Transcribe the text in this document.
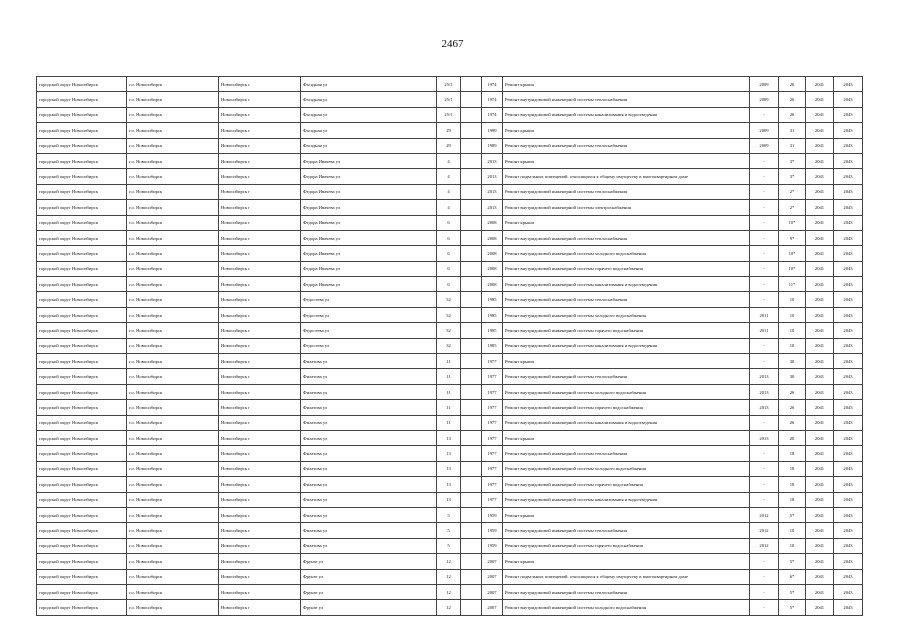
2467
городской округ Новосибирск	г.о. Новосибирск	Новосибирск г	Фасадная ул	25/1		1974	Ремонт крыши	2009	26	2041	2043
городской округ Новосибирск	г.о. Новосибирск	Новосибирск г	Фасадная ул	25/1		1974	Ремонт внутридомовой инженерной системы теплоснабжения	2009	26	2041	2043
городской округ Новосибирск	г.о. Новосибирск	Новосибирск г	Фасадная ул	25/1		1974	Ремонт внутридомовой инженерной системы канализования и водоотведения	-	26	2041	2043
городской округ Новосибирск	г.о. Новосибирск	Новосибирск г	Фасадная ул	29		1989	Ремонт крыши	2009	31	2041	2043
городской округ Новосибирск	г.о. Новосибирск	Новосибирск г	Фасадная ул	29		1989	Ремонт внутридомовой инженерной системы теплоснабжения	2009	31	2041	2043
городской округ Новосибирск	г.о. Новосибирск	Новосибирск г	Федора Ивачева ул	4		2013	Ремонт крыши	-	3*	2041	2043
городской округ Новосибирск	г.о. Новосибирск	Новосибирск г	Федора Ивачева ул	4		2013	Ремонт подвальных помещений, относящихся к общему имуществу в многоквартирном доме	-	3*	2041	2043
городской округ Новосибирск	г.о. Новосибирск	Новосибирск г	Федора Ивачева ул	4		2013	Ремонт внутридомовой инженерной системы теплоснабжения	-	2*	2041	2043
городской округ Новосибирск	г.о. Новосибирск	Новосибирск г	Федора Ивачева ул	4		2013	Ремонт внутридомовой инженерной системы электроснабжения	-	2*	2041	2043
городской округ Новосибирск	г.о. Новосибирск	Новосибирск г	Федора Ивачева ул	6		2008	Ремонт крыши	-	10*	2041	2043
городской округ Новосибирск	г.о. Новосибирск	Новосибирск г	Федора Ивачева ул	6		2008	Ремонт внутридомовой инженерной системы теплоснабжения	-	9*	2041	2043
городской округ Новосибирск	г.о. Новосибирск	Новосибирск г	Федора Ивачева ул	6		2008	Ремонт внутридомовой инженерной системы холодного водоснабжения	-	10*	2041	2043
городской округ Новосибирск	г.о. Новосибирск	Новосибирск г	Федора Ивачева ул	6		2008	Ремонт внутридомовой инженерной системы горячего водоснабжения	-	10*	2041	2043
городской округ Новосибирск	г.о. Новосибирск	Новосибирск г	Федора Ивачева ул	6		2008	Ремонт внутридомовой инженерной системы канализования и водоотведения	-	11*	2041	2043
городской округ Новосибирск	г.о. Новосибирск	Новосибирск г	Федосеева ул	32		1985	Ремонт внутридомовой инженерной системы теплоснабжения	-	10	2041	2043
городской округ Новосибирск	г.о. Новосибирск	Новосибирск г	Федосеева ул	32		1985	Ремонт внутридомовой инженерной системы холодного водоснабжения	2011	10	2041	2043
городской округ Новосибирск	г.о. Новосибирск	Новосибирск г	Федосеева ул	32		1985	Ремонт внутридомовой инженерной системы горячего водоснабжения	2011	10	2041	2043
городской округ Новосибирск	г.о. Новосибирск	Новосибирск г	Федосеева ул	32		1985	Ремонт внутридомовой инженерной системы канализования и водоотведения	-	10	2041	2043
городской округ Новосибирск	г.о. Новосибирск	Новосибирск г	Филатова ул	11		1977	Ремонт крыши	-	30	2041	2043
городской округ Новосибирск	г.о. Новосибирск	Новосибирск г	Филатова ул	11		1977	Ремонт внутридомовой инженерной системы теплоснабжения	2013	30	2041	2043
городской округ Новосибирск	г.о. Новосибирск	Новосибирск г	Филатова ул	11		1977	Ремонт внутридомовой инженерной системы холодного водоснабжения	2013	26	2041	2043
городской округ Новосибирск	г.о. Новосибирск	Новосибирск г	Филатова ул	11		1977	Ремонт внутридомовой инженерной системы горячего водоснабжения	2013	26	2041	2043
городской округ Новосибирск	г.о. Новосибирск	Новосибирск г	Филатова ул	11		1977	Ремонт внутридомовой инженерной системы канализования и водоотведения	-	26	2041	2043
городской округ Новосибирск	г.о. Новосибирск	Новосибирск г	Филатова ул	13		1977	Ремонт крыши	2013	20	2041	2043
городской округ Новосибирск	г.о. Новосибирск	Новосибирск г	Филатова ул	13		1977	Ремонт внутридомовой инженерной системы теплоснабжения	-	18	2041	2043
городской округ Новосибирск	г.о. Новосибирск	Новосибирск г	Филатова ул	13		1977	Ремонт внутридомовой инженерной системы холодного водоснабжения	-	18	2041	2043
городской округ Новосибирск	г.о. Новосибирск	Новосибирск г	Филатова ул	13		1977	Ремонт внутридомовой инженерной системы горячего водоснабжения	-	18	2041	2043
городской округ Новосибирск	г.о. Новосибирск	Новосибирск г	Филатова ул	13		1977	Ремонт внутридомовой инженерной системы канализования и водоотведения	-	18	2041	2043
городской округ Новосибирск	г.о. Новосибирск	Новосибирск г	Филатова ул	5		1959	Ремонт крыши	2012	5*	2041	2043
городской округ Новосибирск	г.о. Новосибирск	Новосибирск г	Филатова ул	5		1959	Ремонт внутридомовой инженерной системы теплоснабжения	2012	10	2041	2043
городской округ Новосибирск	г.о. Новосибирск	Новосибирск г	Филатова ул	5		1959	Ремонт внутридомовой инженерной системы горячего водоснабжения	2012	10	2041	2043
городской округ Новосибирск	г.о. Новосибирск	Новосибирск г	Фрунзе ул	12		2007	Ремонт крыши	-	5*	2041	2043
городской округ Новосибирск	г.о. Новосибирск	Новосибирск г	Фрунзе ул	12		2007	Ремонт подвальных помещений, относящихся к общему имуществу в многоквартирном доме	-	6*	2041	2043
городской округ Новосибирск	г.о. Новосибирск	Новосибирск г	Фрунзе ул	12		2007	Ремонт внутридомовой инженерной системы теплоснабжения	-	5*	2041	2043
городской округ Новосибирск	г.о. Новосибирск	Новосибирск г	Фрунзе ул	12		2007	Ремонт внутридомовой инженерной системы холодного водоснабжения	-	5*	2041	2043
